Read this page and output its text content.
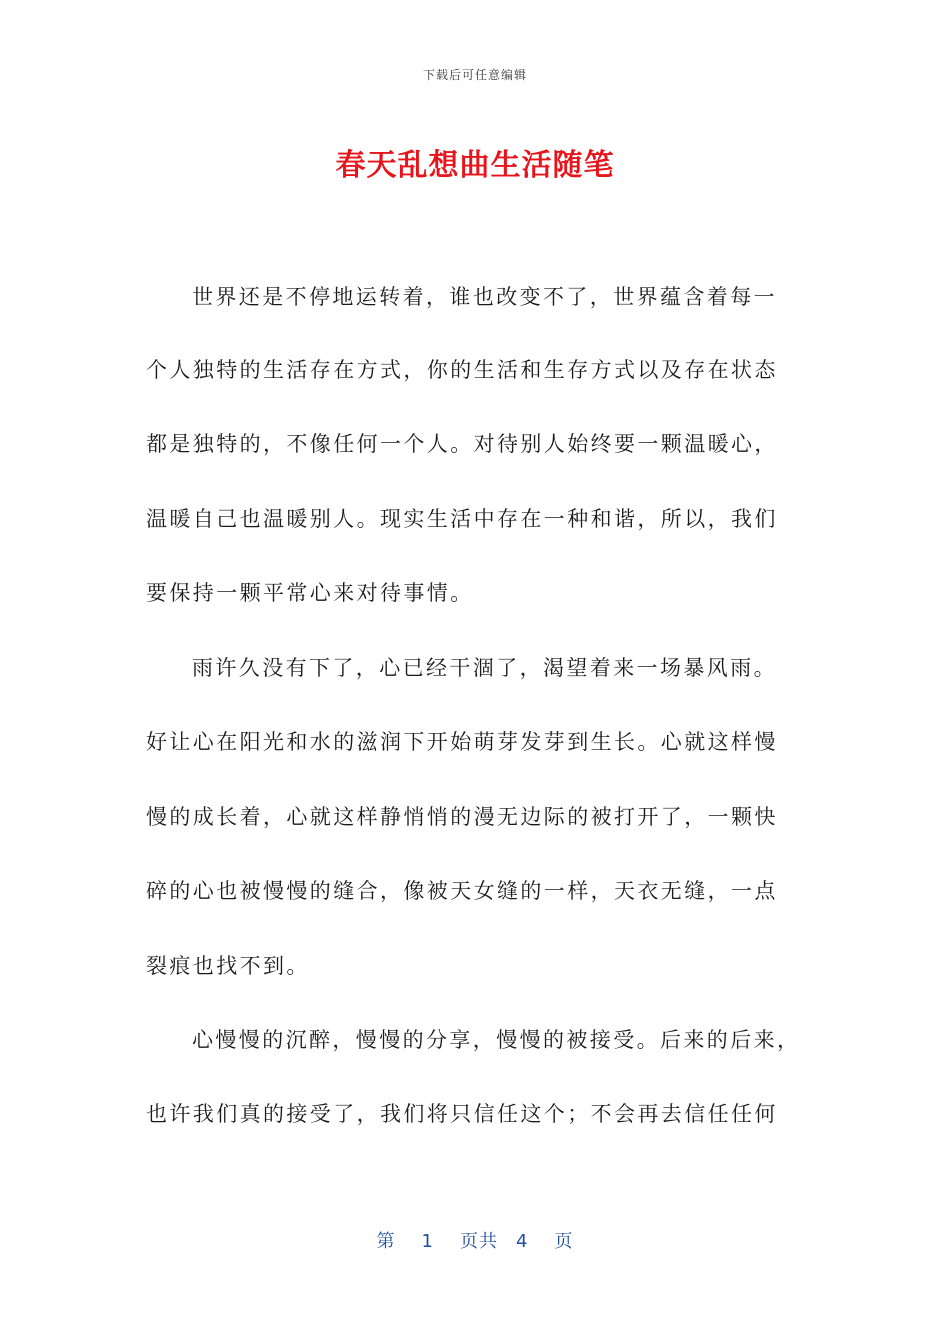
下载后可任意编辑
春天乱想曲生活随笔
世界还是不停地运转着，谁也改变不了，世界蕴含着每一
个人独特的生活存在方式，你的生活和生存方式以及存在状态
都是独特的，不像任何一个人。对待别人始终要一颗温暖心，
温暖自己也温暖别人。现实生活中存在一种和谐，所以，我们
要保持一颗平常心来对待事情。
雨许久没有下了，心已经干涸了，渴望着来一场暴风雨。
好让心在阳光和水的滋润下开始萌芽发芽到生长。心就这样慢
慢的成长着，心就这样静悄悄的漫无边际的被打开了，一颗快
碎的心也被慢慢的缝合，像被天女缝的一样，天衣无缝，一点
裂痕也找不到。
心慢慢的沉醉，慢慢的分享，慢慢的被接受。后来的后来，
也许我们真的接受了，我们将只信任这个；不会再去信任任何
第 1 页共 4 页
